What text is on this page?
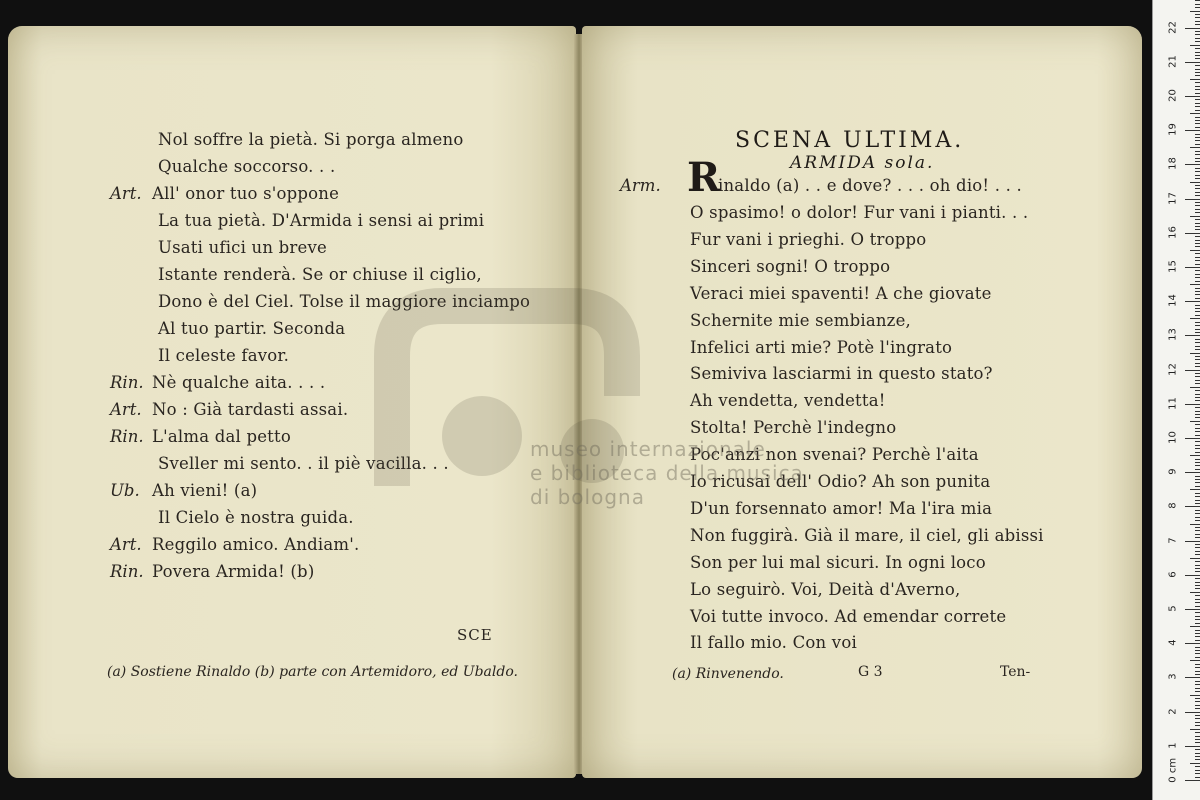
Nol soffre la pietà. Si porga almeno
Qualche soccorso. . .
Art. All' onor tuo s'oppone
La tua pietà. D'Armida i sensi ai primi
Usati ufici un breve
Istante renderà. Se or chiuse il ciglio,
Dono è del Ciel. Tolse il maggiore inciampo
Al tuo partir. Seconda
Il celeste favor.
Rin. Nè qualche aita. . . .
Art. No : Già tardasti assai.
Rin. L'alma dal petto
Sveller mi sento. . il piè vacilla. . .
Ub. Ah vieni! (a)
Il Cielo è nostra guida.
Art. Reggilo amico. Andiam'.
Rin. Povera Armida! (b)
SCE
(a) Sostiene Rinaldo (b) parte con Artemidoro, ed Ubaldo.
SCENA ULTIMA.
ARMIDA sola.
Arm. R
inaldo (a) . . e dove? . . . oh dio! . . .
O spasimo! o dolor! Fur vani i pianti. . .
Fur vani i prieghi. O troppo
Sinceri sogni! O troppo
Veraci miei spaventi! A che giovate
Schernite mie sembianze,
Infelici arti mie? Potè l'ingrato
Semiviva lasciarmi in questo stato?
Ah vendetta, vendetta!
Stolta! Perchè l'indegno
Poc'anzi non svenai? Perchè l'aita
Io ricusai dell' Odio? Ah son punita
D'un forsennato amor! Ma l'ira mia
Non fuggirà. Già il mare, il ciel, gli abissi
Son per lui mal sicuri. In ogni loco
Lo seguirò. Voi, Deità d'Averno,
Voi tutte invoco. Ad emendar correte
Il fallo mio. Con voi
(a) Rinvenendo.	G 3	Ten-
museo internazionale
e biblioteca della musica
di bologna
0
1
2
3
4
5
6
7
8
9
10
11
12
13
14
15
16
17
18
19
20
21
22
cm
